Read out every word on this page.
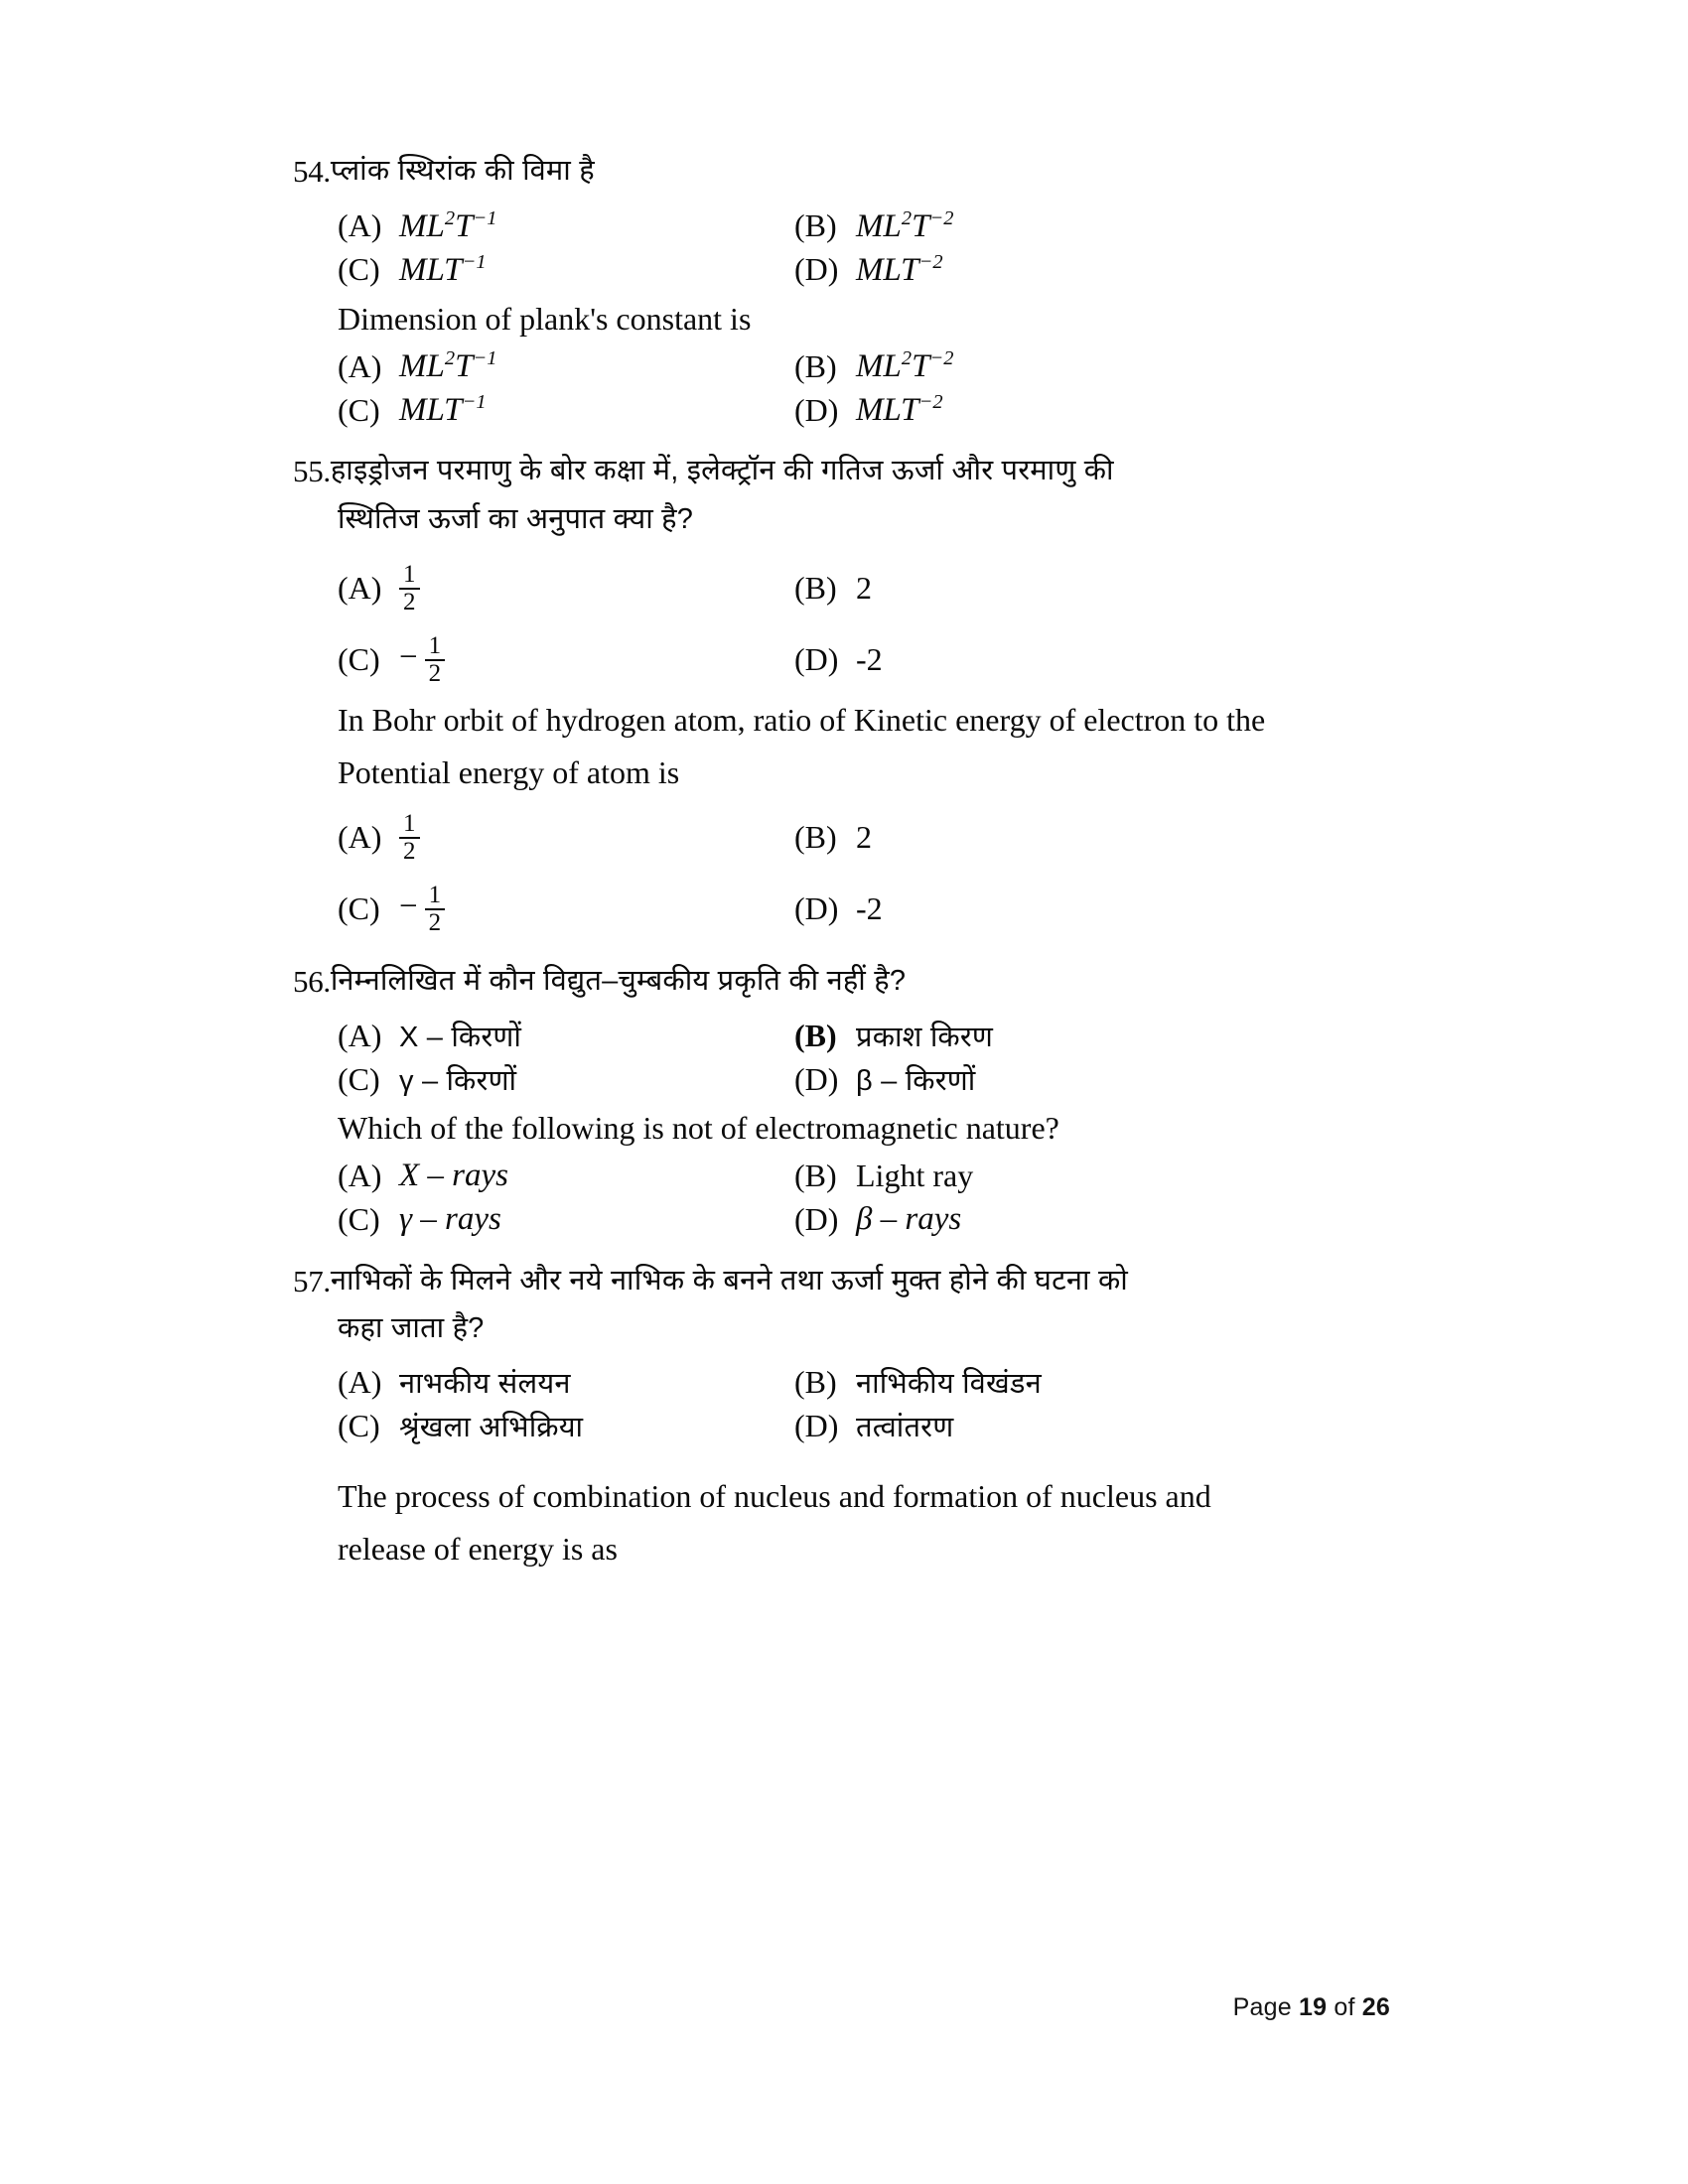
54. प्लांक स्थिरांक की विमा है
(A) $ML^2T^{-1}$	(B) $ML^2T^{-2}$
(C) $MLT^{-1}$	(D) $MLT^{-2}$
Dimension of plank's constant is
(A) $ML^2T^{-1}$	(B) $ML^2T^{-2}$
(C) $MLT^{-1}$	(D) $MLT^{-2}$
55. हाइड्रोजन परमाणु के बोर कक्षा में, इलेक्ट्रॉन की गतिज ऊर्जा और परमाणु की
स्थितिज ऊर्जा का अनुपात क्या है?
$(A) \frac{1}{2}$	(B) 2
$(C) - \frac{1}{2}$	(D) -2
In Bohr orbit of hydrogen atom, ratio of Kinetic energy of electron to the
Potential energy of atom is
$(A) \frac{1}{2}$	(B) 2
$(C) - \frac{1}{2}$	(D) -2
56. निम्नलिखित में कौन विद्युत–चुम्बकीय प्रकृति की नहीं है?
(A) X – किरणों	(B) प्रकाश किरण
(C) γ – किरणों	(D) β – किरणों
Which of the following is not of electromagnetic nature?
(A) X – rays	(B) Light ray
(C) γ – rays	(D) β – rays
57. नाभिकों के मिलने और नये नाभिक के बनने तथा ऊर्जा मुक्त होने की घटना को
कहा जाता है?
(A) नाभकीय संलयन	(B) नाभिकीय विखंडन
(C) श्रृंखला अभिक्रिया	(D) तत्वांतरण
The process of combination of nucleus and formation of nucleus and
release of energy is as
Page 19 of 26
